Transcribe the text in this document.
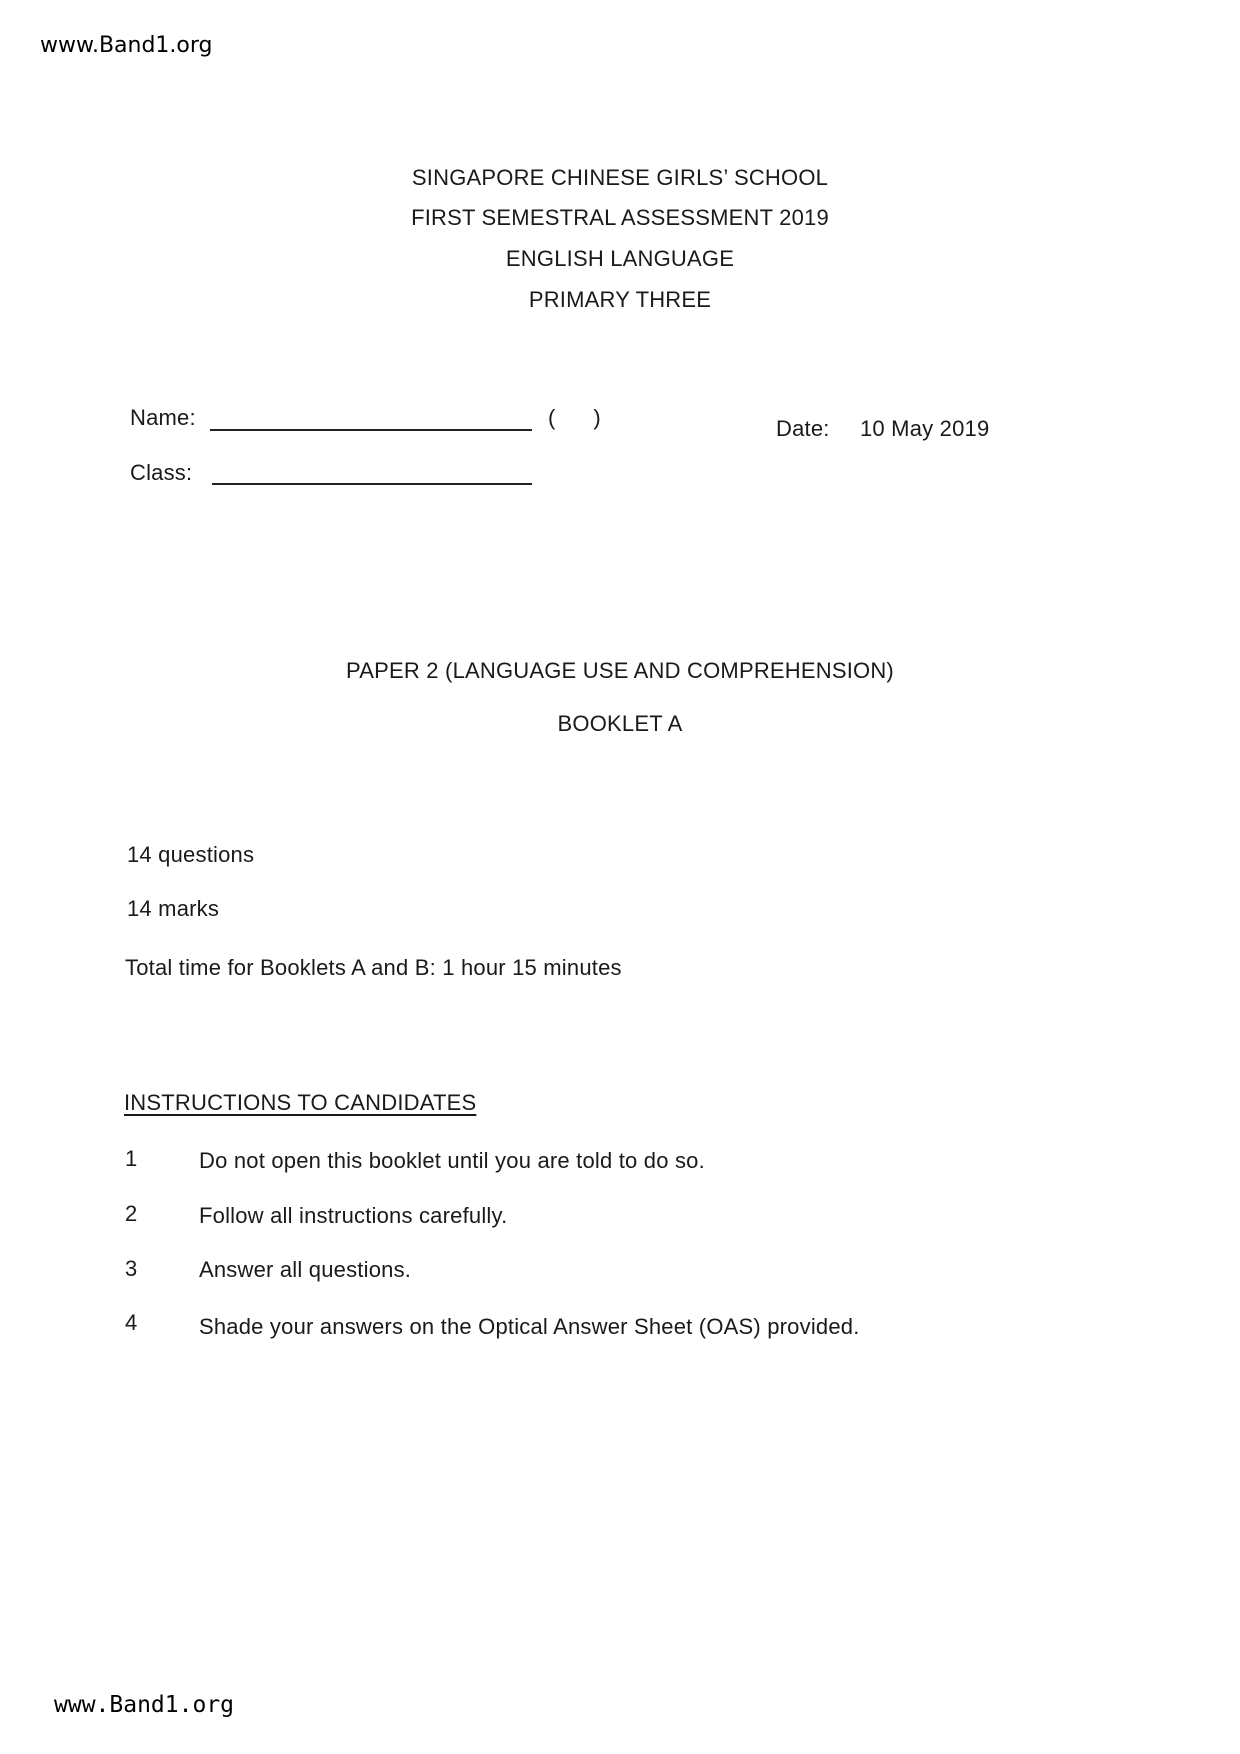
www.Band1.org
SINGAPORE CHINESE GIRLS’ SCHOOL
FIRST SEMESTRAL ASSESSMENT 2019
ENGLISH LANGUAGE
PRIMARY THREE
Name:	(      )	Date: 10 May 2019
Class:
PAPER 2 (LANGUAGE USE AND COMPREHENSION)
BOOKLET A
14 questions
14 marks
Total time for Booklets A and B: 1 hour 15 minutes
INSTRUCTIONS TO CANDIDATES
1	Do not open this booklet until you are told to do so.
2	Follow all instructions carefully.
3	Answer all questions.
4	Shade your answers on the Optical Answer Sheet (OAS) provided.
www.Band1.org
